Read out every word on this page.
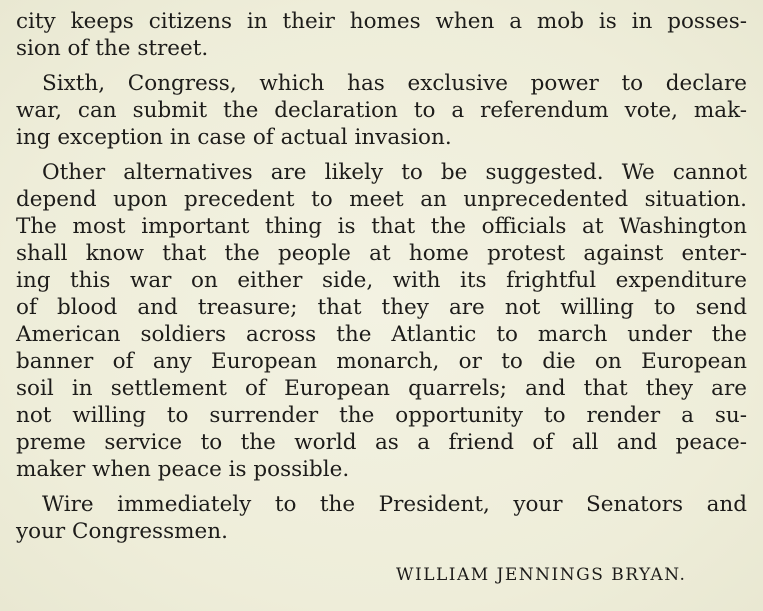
city keeps citizens in their homes when a mob is in posses-
sion of the street.
Sixth, Congress, which has exclusive power to declare
war, can submit the declaration to a referendum vote, mak-
ing exception in case of actual invasion.
Other alternatives are likely to be suggested. We cannot
depend upon precedent to meet an unprecedented situation.
The most important thing is that the officials at Washington
shall know that the people at home protest against enter-
ing this war on either side, with its frightful expenditure
of blood and treasure; that they are not willing to send
American soldiers across the Atlantic to march under the
banner of any European monarch, or to die on European
soil in settlement of European quarrels; and that they are
not willing to surrender the opportunity to render a su-
preme service to the world as a friend of all and peace-
maker when peace is possible.
Wire immediately to the President, your Senators and
your Congressmen.
WILLIAM JENNINGS BRYAN.
